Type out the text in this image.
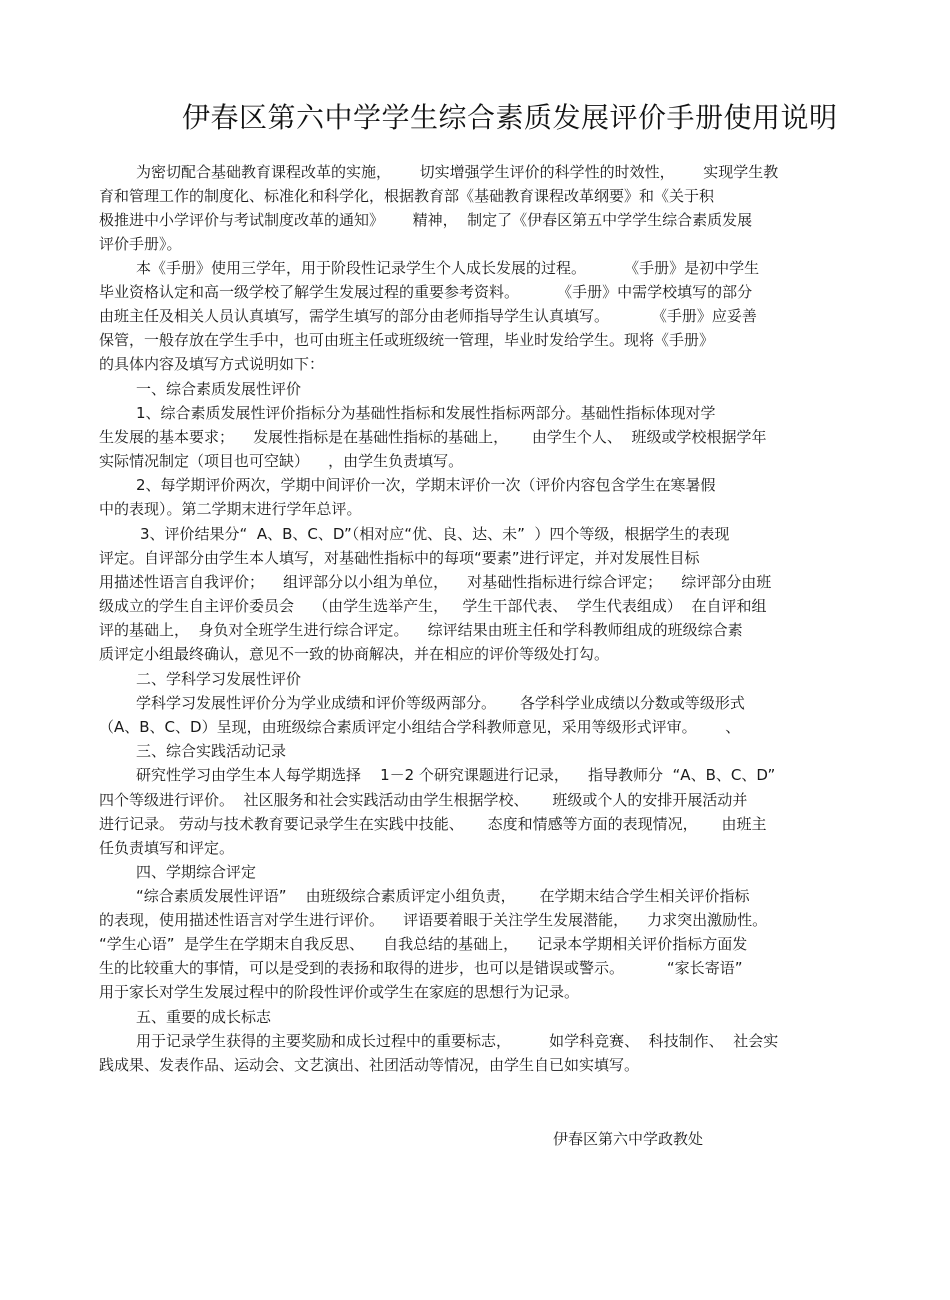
伊春区第六中学学生综合素质发展评价手册使用说明
为密切配合基础教育课程改革的实施，      切实增强学生评价的科学性的时效性，      实现学生教
育和管理工作的制度化、标准化和科学化，根据教育部《基础教育课程改革纲要》和《关于积
极推进中小学评价与考试制度改革的通知》      精神，  制定了《伊春区第五中学学生综合素质发展
评价手册》。
本《手册》使用三学年，用于阶段性记录学生个人成长发展的过程。        《手册》是初中学生
毕业资格认定和高一级学校了解学生发展过程的重要参考资料。        《手册》中需学校填写的部分
由班主任及相关人员认真填写，需学生填写的部分由老师指导学生认真填写。         《手册》应妥善
保管，一般存放在学生手中，也可由班主任或班级统一管理，毕业时发给学生。现将《手册》
的具体内容及填写方式说明如下：
一、综合素质发展性评价
1、综合素质发展性评价指标分为基础性指标和发展性指标两部分。基础性指标体现对学
生发展的基本要求；    发展性指标是在基础性指标的基础上，     由学生个人、  班级或学校根据学年
实际情况制定（项目也可空缺）    ，由学生负责填写。
2、每学期评价两次，学期中间评价一次，学期末评价一次（评价内容包含学生在寒暑假
中的表现）。第二学期末进行学年总评。
3、评价结果分“  A、B、C、D”（相对应“优、良、达、未”  ）四个等级，根据学生的表现
评定。自评部分由学生本人填写，对基础性指标中的每项“要素”进行评定，并对发展性目标
用描述性语言自我评价；    组评部分以小组为单位，    对基础性指标进行综合评定；    综评部分由班
级成立的学生自主评价委员会    （由学生选举产生，   学生干部代表、  学生代表组成）  在自评和组
评的基础上，  身负对全班学生进行综合评定。    综评结果由班主任和学科教师组成的班级综合素
质评定小组最终确认，意见不一致的协商解决，并在相应的评价等级处打勾。
二、学科学习发展性评价
学科学习发展性评价分为学业成绩和评价等级两部分。     各学科学业成绩以分数或等级形式
（A、B、C、D）呈现，由班级综合素质评定小组结合学科教师意见，采用等级形式评审。      、
三、综合实践活动记录
研究性学习由学生本人每学期选择    1－2 个研究课题进行记录，    指导教师分  “A、B、C、D”
四个等级进行评价。  社区服务和社会实践活动由学生根据学校、     班级或个人的安排开展活动并
进行记录。 劳动与技术教育要记录学生在实践中技能、     态度和情感等方面的表现情况，     由班主
任负责填写和评定。
四、学期综合评定
“综合素质发展性评语”    由班级综合素质评定小组负责，     在学期末结合学生相关评价指标
的表现，使用描述性语言对学生进行评价。    评语要着眼于关注学生发展潜能，    力求突出激励性。
“学生心语”  是学生在学期末自我反思、    自我总结的基础上，    记录本学期相关评价指标方面发
生的比较重大的事情，可以是受到的表扬和取得的进步，也可以是错误或警示。         “家长寄语”
用于家长对学生发展过程中的阶段性评价或学生在家庭的思想行为记录。
五、重要的成长标志
用于记录学生获得的主要奖励和成长过程中的重要标志，        如学科竞赛、  科技制作、  社会实
践成果、发表作品、运动会、文艺演出、社团活动等情况，由学生自已如实填写。
伊春区第六中学政教处
